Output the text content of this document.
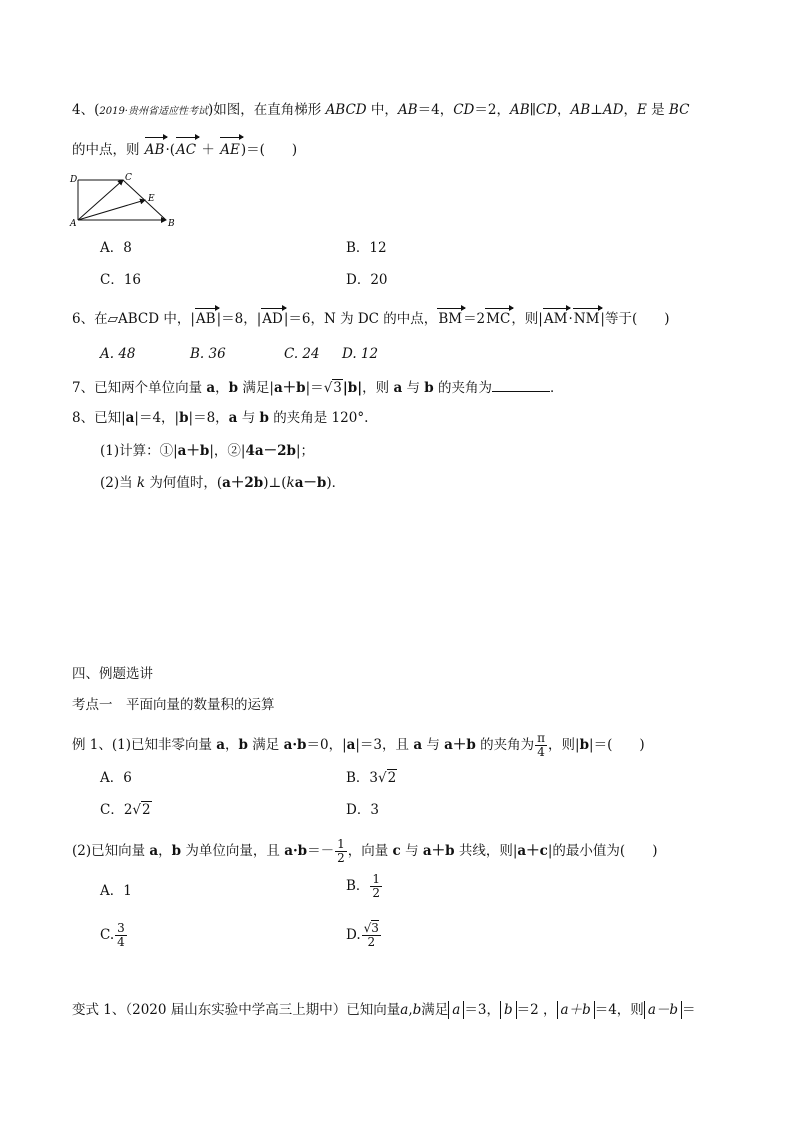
4、(2019·贵州省适应性考试)如图，在直角梯形 ABCD 中，AB＝4，CD＝2，AB∥CD，AB⊥AD，E 是 BC
的中点，则 AB·(AC ＋ AE)＝(　　)
D	C
E
A	B
A．8	B．12
C．16	D．20
6、在▱ABCD 中，|AB|＝8，|AD|＝6，N 为 DC 的中点，BM＝2MC，则|AM·NM|等于(　　)
A. 48	B. 36	C. 24 D. 12
7、已知两个单位向量 a，b 满足|a＋b|＝√3|b|，则 a 与 b 的夹角为	．
8、已知|a|＝4，|b|＝8，a 与 b 的夹角是 120°.
(1)计算：①|a＋b|，②|4a－2b|；
(2)当 k 为何值时，(a＋2b)⊥(ka－b)．
四、例题选讲
考点一　平面向量的数量积的运算
例 1、(1)已知非零向量 a，b 满足 a·b＝0，|a|＝3，且 a 与 a＋b 的夹角为 $\frac{\pi}{4}$ ，则|b|＝(　　)
A．6	B．3√2
C．2√2	D．3
(2)已知向量 a，b 为单位向量，且 $a\cdot b=- \frac{1}{2}$ ，向量 c 与 a＋b 共线，则|a＋c|的最小值为(　　)
A．1	B． $\frac{1}{2}$
C. $\frac{3}{4}$	D. $\frac{√3}{2}$
变式 1、（2020 届山东实验中学高三上期中）已知向量a,b满足 a ＝3， b ＝2 ， a＋b ＝4，则 a－b ＝
